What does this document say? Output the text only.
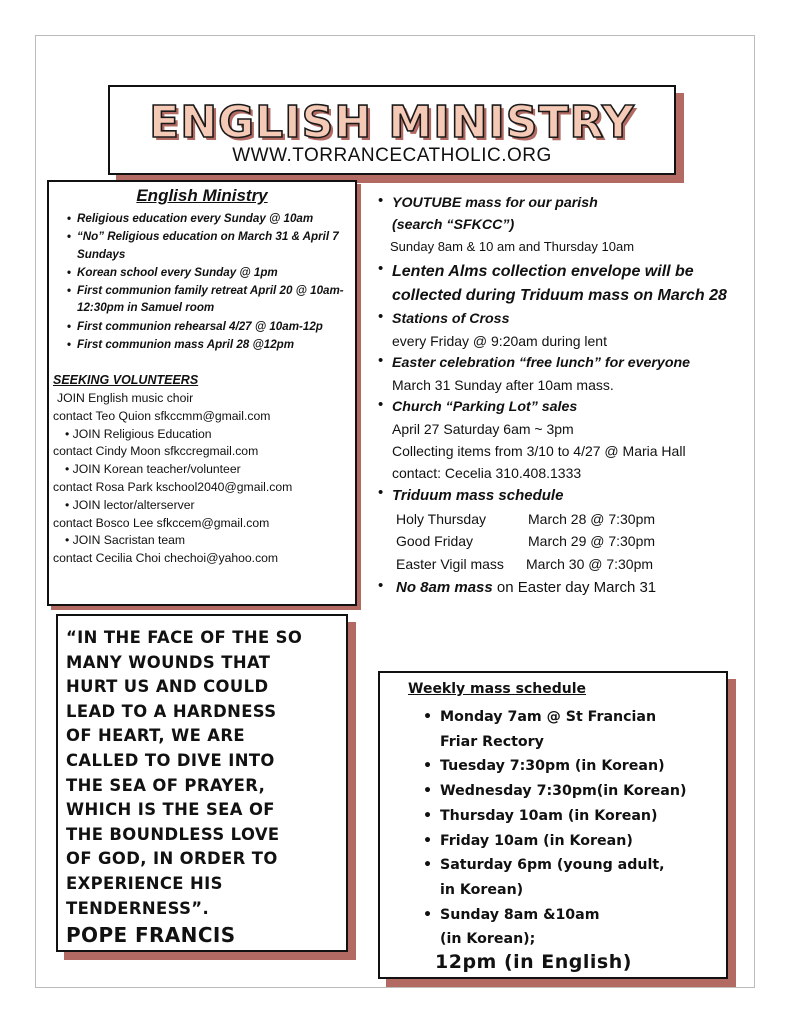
ENGLISH MINISTRY
WWW.TORRANCECATHOLIC.ORG
English Ministry
• Religious education every Sunday @ 10am
• “No” Religious education on March 31 & April 7 Sundays
• Korean school every Sunday @ 1pm
• First communion family retreat April 20 @ 10am-12:30pm in Samuel room
• First communion rehearsal 4/27 @ 10am-12p
• First communion mass April 28 @12pm
SEEKING VOLUNTEERS
JOIN English music choir
contact Teo Quion sfkccmm@gmail.com
• JOIN Religious Education
contact Cindy Moon sfkccregmail.com
• JOIN Korean teacher/volunteer
contact Rosa Park kschool2040@gmail.com
• JOIN lector/alterserver
contact Bosco Lee sfkccem@gmail.com
• JOIN Sacristan team
contact Cecilia Choi chechoi@yahoo.com
“IN THE FACE OF THE SO
MANY WOUNDS THAT
HURT US AND COULD
LEAD TO A HARDNESS
OF HEART, WE ARE
CALLED TO DIVE INTO
THE SEA OF PRAYER,
WHICH IS THE SEA OF
THE BOUNDLESS LOVE
OF GOD, IN ORDER TO
EXPERIENCE HIS
TENDERNESS”.
POPE FRANCIS
• YOUTUBE mass for our parish
(search “SFKCC”)
Sunday 8am & 10 am and Thursday 10am
• Lenten Alms collection envelope will be collected during Triduum mass on March 28
• Stations of Cross
every Friday @ 9:20am during lent
• Easter celebration “free lunch” for everyone
March 31 Sunday after 10am mass.
• Church “Parking Lot” sales
April 27 Saturday 6am ~ 3pm
Collecting items from 3/10 to 4/27 @ Maria Hall
contact: Cecelia 310.408.1333
• Triduum mass schedule
Holy Thursday	March 28 @ 7:30pm
Good Friday	March 29 @ 7:30pm
Easter Vigil mass	March 30 @ 7:30pm
• No 8am mass on Easter day March 31
Weekly mass schedule
• Monday 7am @ St Francian
Friar Rectory
• Tuesday 7:30pm (in Korean)
• Wednesday 7:30pm(in Korean)
• Thursday 10am (in Korean)
• Friday 10am (in Korean)
• Saturday 6pm (young adult,
in Korean)
• Sunday 8am &10am
(in Korean);
12pm (in English)
